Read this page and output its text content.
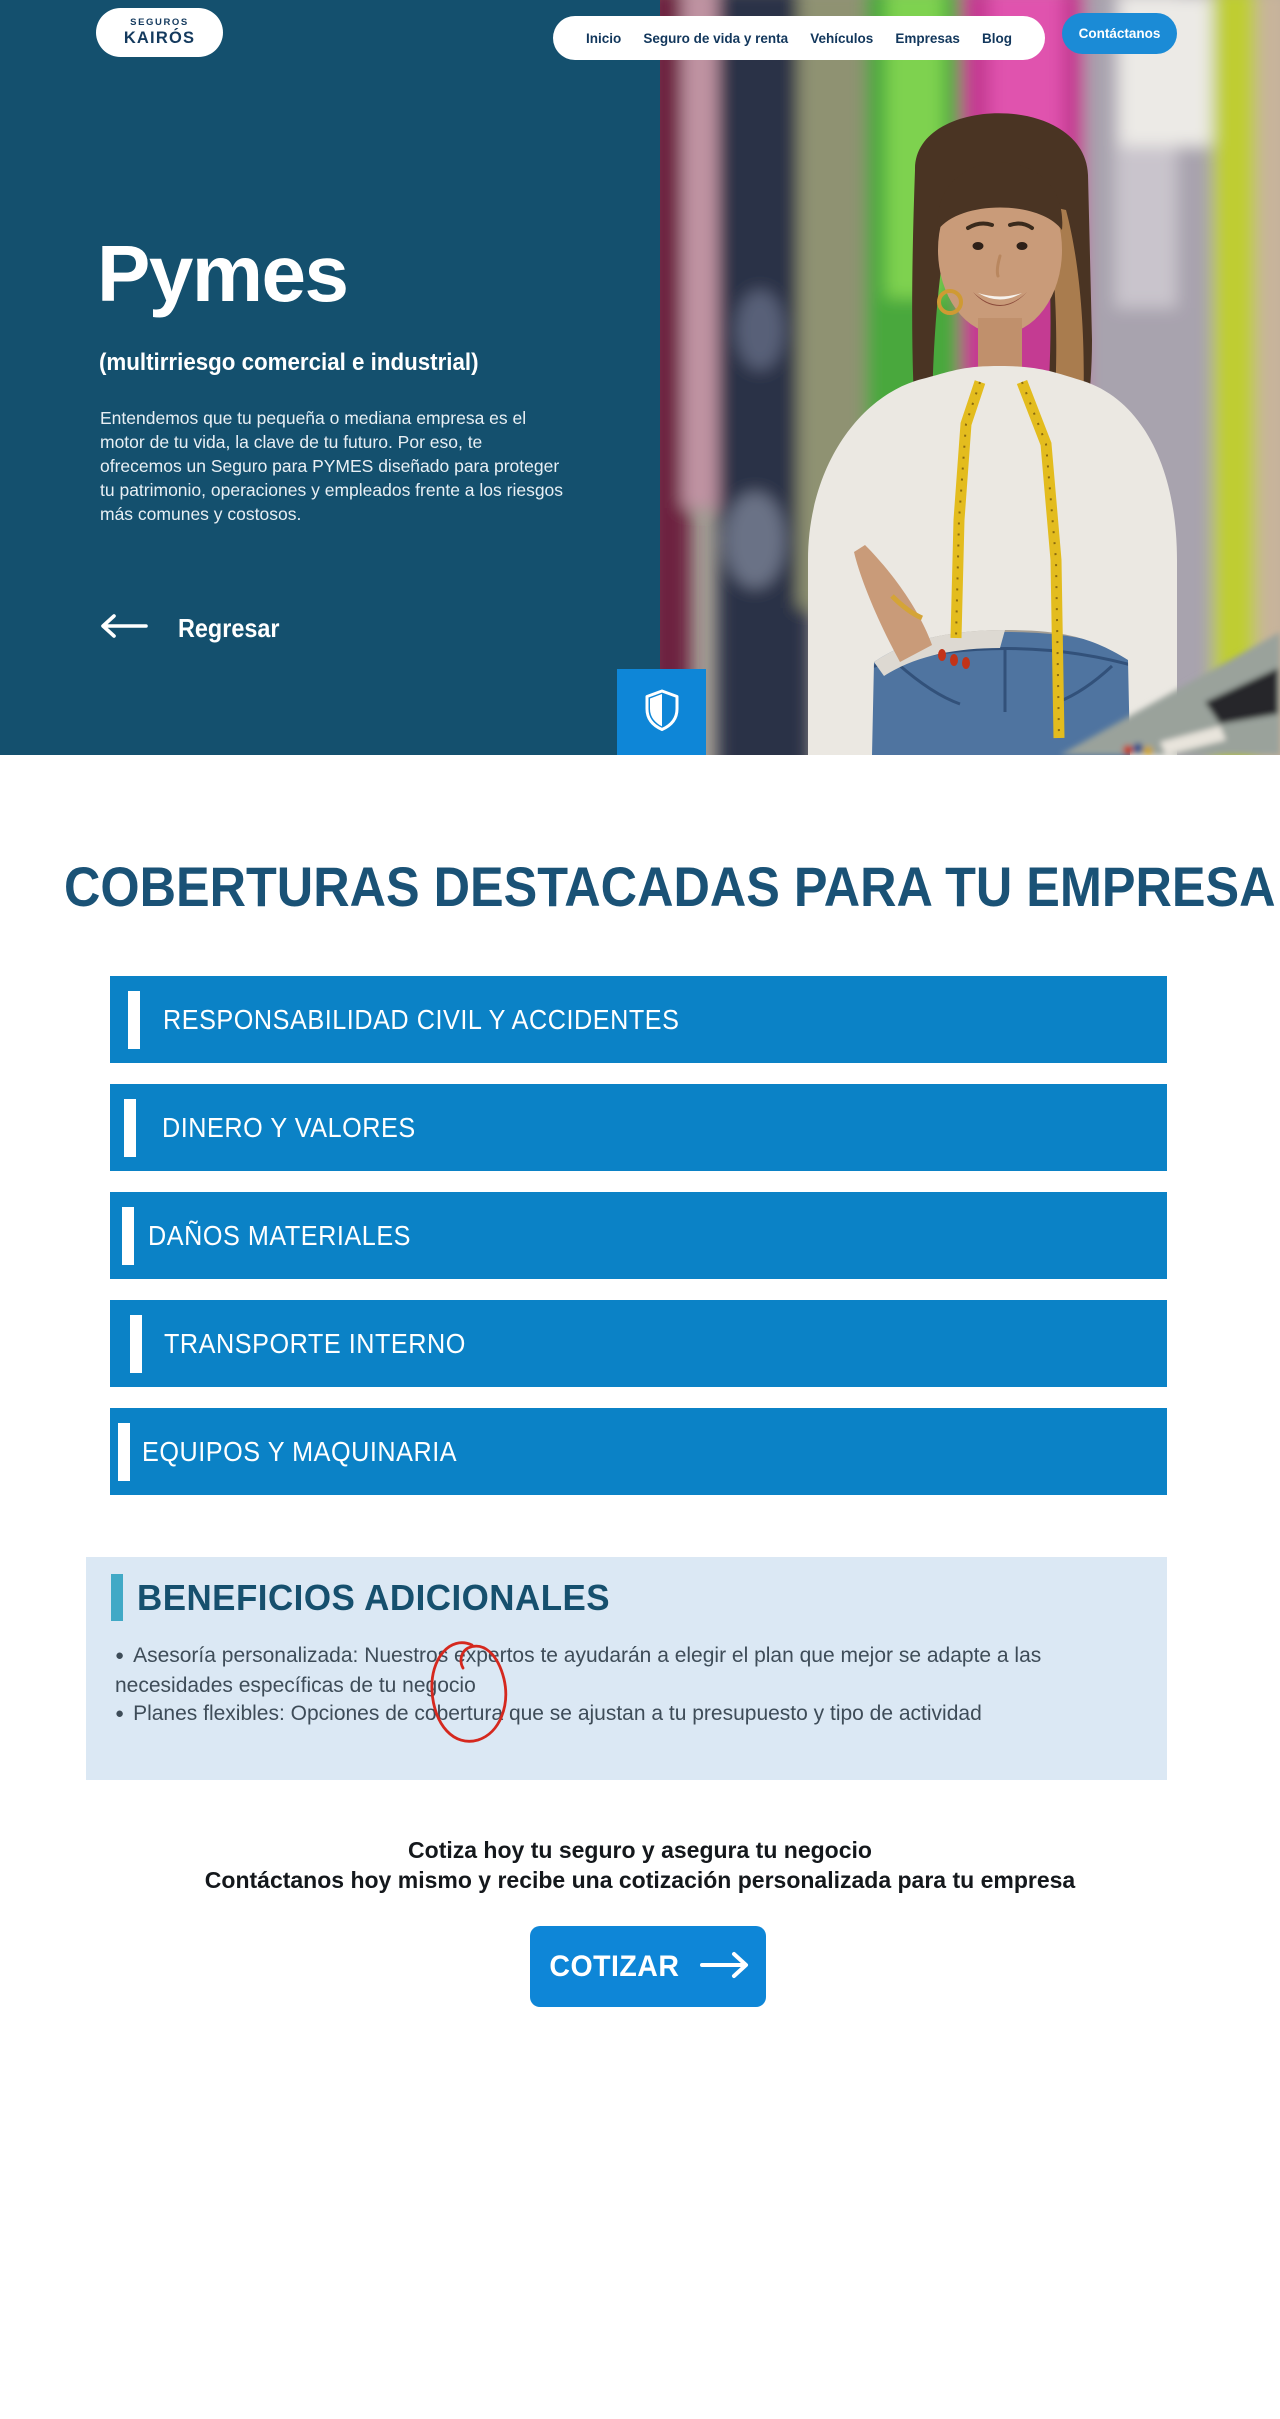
SEGUROS
KAIRÓS	Inicio Seguro de vida y renta Vehículos Empresas Blog	Contáctanos
Pymes
(multirriesgo comercial e industrial)

Entendemos que tu pequeña o mediana empresa es el motor de tu vida, la clave de tu futuro. Por eso, te ofrecemos un Seguro para PYMES diseñado para proteger tu patrimonio, operaciones y empleados frente a los riesgos más comunes y costosos.

Regresar
COBERTURAS DESTACADAS PARA TU EMPRESA
RESPONSABILIDAD CIVIL Y ACCIDENTES
DINERO Y VALORES
DAÑOS MATERIALES
TRANSPORTE INTERNO
EQUIPOS Y MAQUINARIA
BENEFICIOS ADICIONALES
● Asesoría personalizada: Nuestros expertos te ayudarán a elegir el plan que mejor se adapte a las necesidades específicas de tu negocio
● Planes flexibles: Opciones de cobertura que se ajustan a tu presupuesto y tipo de actividad
Cotiza hoy tu seguro y asegura tu negocio
Contáctanos hoy mismo y recibe una cotización personalizada para tu empresa
COTIZAR
